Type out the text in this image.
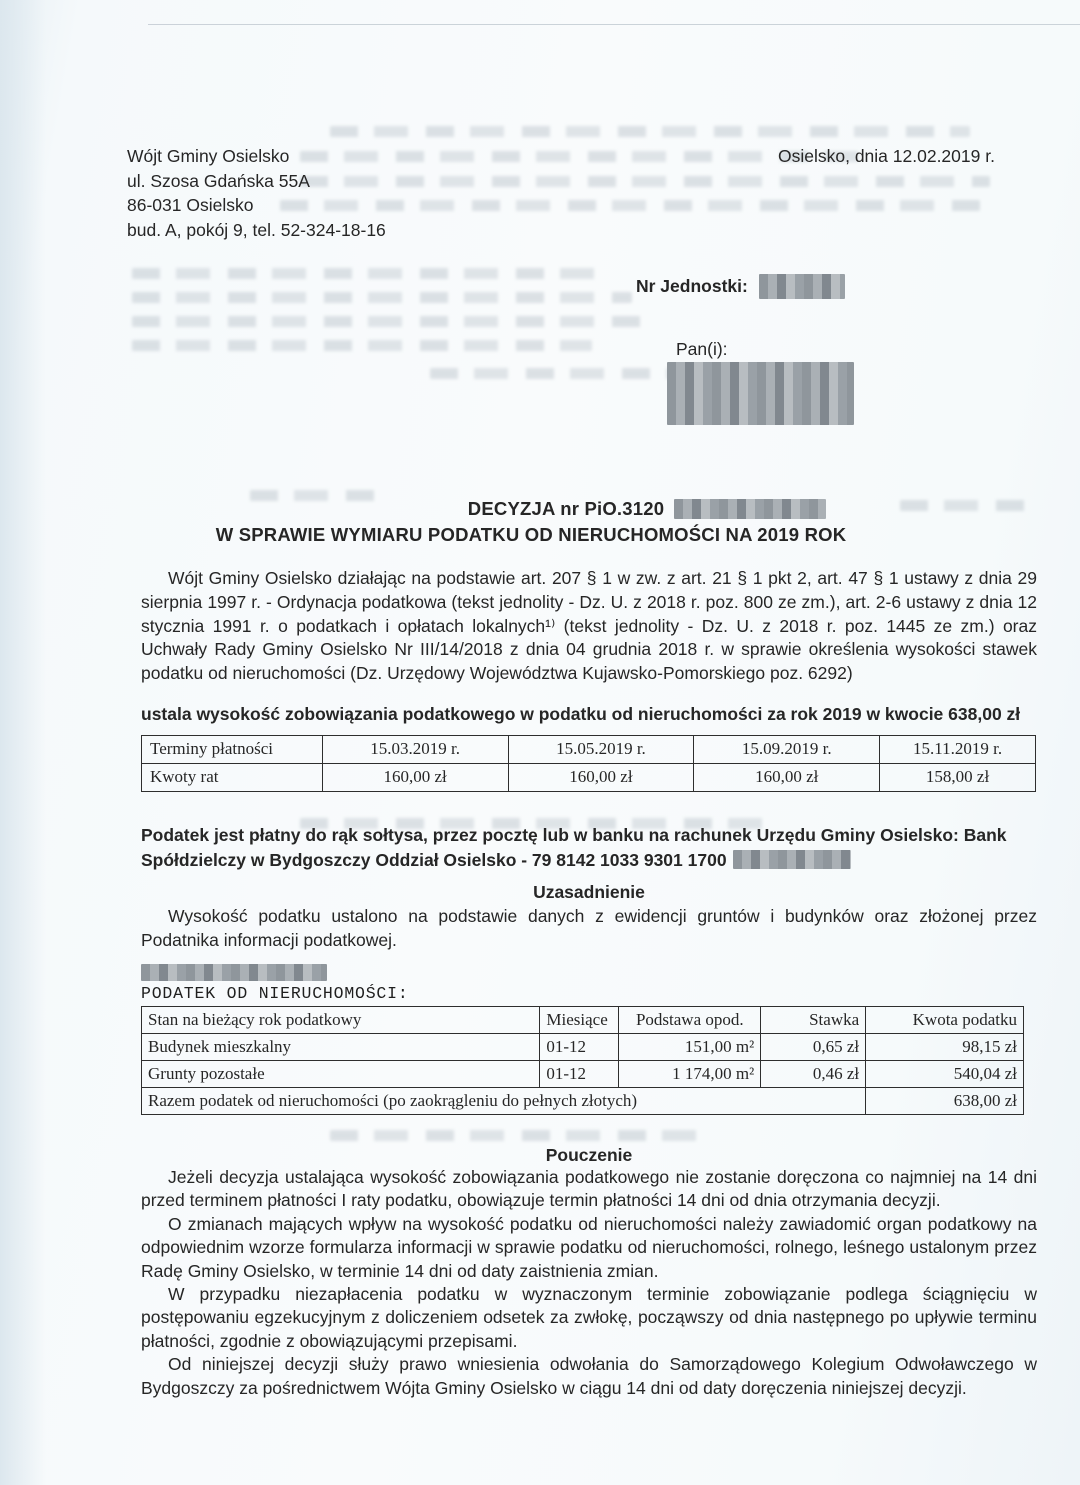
Wójt Gminy Osielsko
ul. Szosa Gdańska 55A
86-031 Osielsko
bud. A, pokój 9, tel. 52-324-18-16
Osielsko, dnia 12.02.2019 r.
Nr Jednostki:
Pan(i):
DECYZJA nr PiO.3120
W SPRAWIE WYMIARU PODATKU OD NIERUCHOMOŚCI NA 2019 ROK

Wójt Gminy Osielsko działając na podstawie art. 207 § 1 w zw. z art. 21 § 1 pkt 2, art. 47 § 1 ustawy z dnia 29 sierpnia 1997 r. - Ordynacja podatkowa (tekst jednolity - Dz. U. z 2018 r. poz. 800 ze zm.), art. 2-6 ustawy z dnia 12 stycznia 1991 r. o podatkach i opłatach lokalnych¹⁾ (tekst jednolity - Dz. U. z 2018 r. poz. 1445 ze zm.) oraz Uchwały Rady Gminy Osielsko Nr III/14/2018 z dnia 04 grudnia 2018 r. w sprawie określenia wysokości stawek podatku od nieruchomości (Dz. Urzędowy Województwa Kujawsko-Pomorskiego poz. 6292)

ustala wysokość zobowiązania podatkowego w podatku od nieruchomości za rok 2019 w kwocie 638,00 zł

Terminy płatności	15.03.2019 r.	15.05.2019 r.	15.09.2019 r.	15.11.2019 r.
Kwoty rat	160,00 zł	160,00 zł	160,00 zł	158,00 zł

Podatek jest płatny do rąk sołtysa, przez pocztę lub w banku na rachunek Urzędu Gminy Osielsko: Bank Spółdzielczy w Bydgoszczy Oddział Osielsko - 79 8142 1033 9301 1700

Uzasadnienie

Wysokość podatku ustalono na podstawie danych z ewidencji gruntów i budynków oraz złożonej przez Podatnika informacji podatkowej.

PODATEK OD NIERUCHOMOŚCI:
Stan na bieżący rok podatkowy	Miesiące	Podstawa opod.	Stawka	Kwota podatku
Budynek mieszkalny	01-12	151,00 m²	0,65 zł	98,15 zł
Grunty pozostałe	01-12	1 174,00 m²	0,46 zł	540,04 zł
Razem podatek od nieruchomości (po zaokrągleniu do pełnych złotych)				638,00 zł
Pouczenie

Jeżeli decyzja ustalająca wysokość zobowiązania podatkowego nie zostanie doręczona co najmniej na 14 dni przed terminem płatności I raty podatku, obowiązuje termin płatności 14 dni od dnia otrzymania decyzji.

O zmianach mających wpływ na wysokość podatku od nieruchomości należy zawiadomić organ podatkowy na odpowiednim wzorze formularza informacji w sprawie podatku od nieruchomości, rolnego, leśnego ustalonym przez Radę Gminy Osielsko, w terminie 14 dni od daty zaistnienia zmian.

W przypadku niezapłacenia podatku w wyznaczonym terminie zobowiązanie podlega ściągnięciu w postępowaniu egzekucyjnym z doliczeniem odsetek za zwłokę, począwszy od dnia następnego po upływie terminu płatności, zgodnie z obowiązującymi przepisami.

Od niniejszej decyzji służy prawo wniesienia odwołania do Samorządowego Kolegium Odwoławczego w Bydgoszczy za pośrednictwem Wójta Gminy Osielsko w ciągu 14 dni od daty doręczenia niniejszej decyzji.
